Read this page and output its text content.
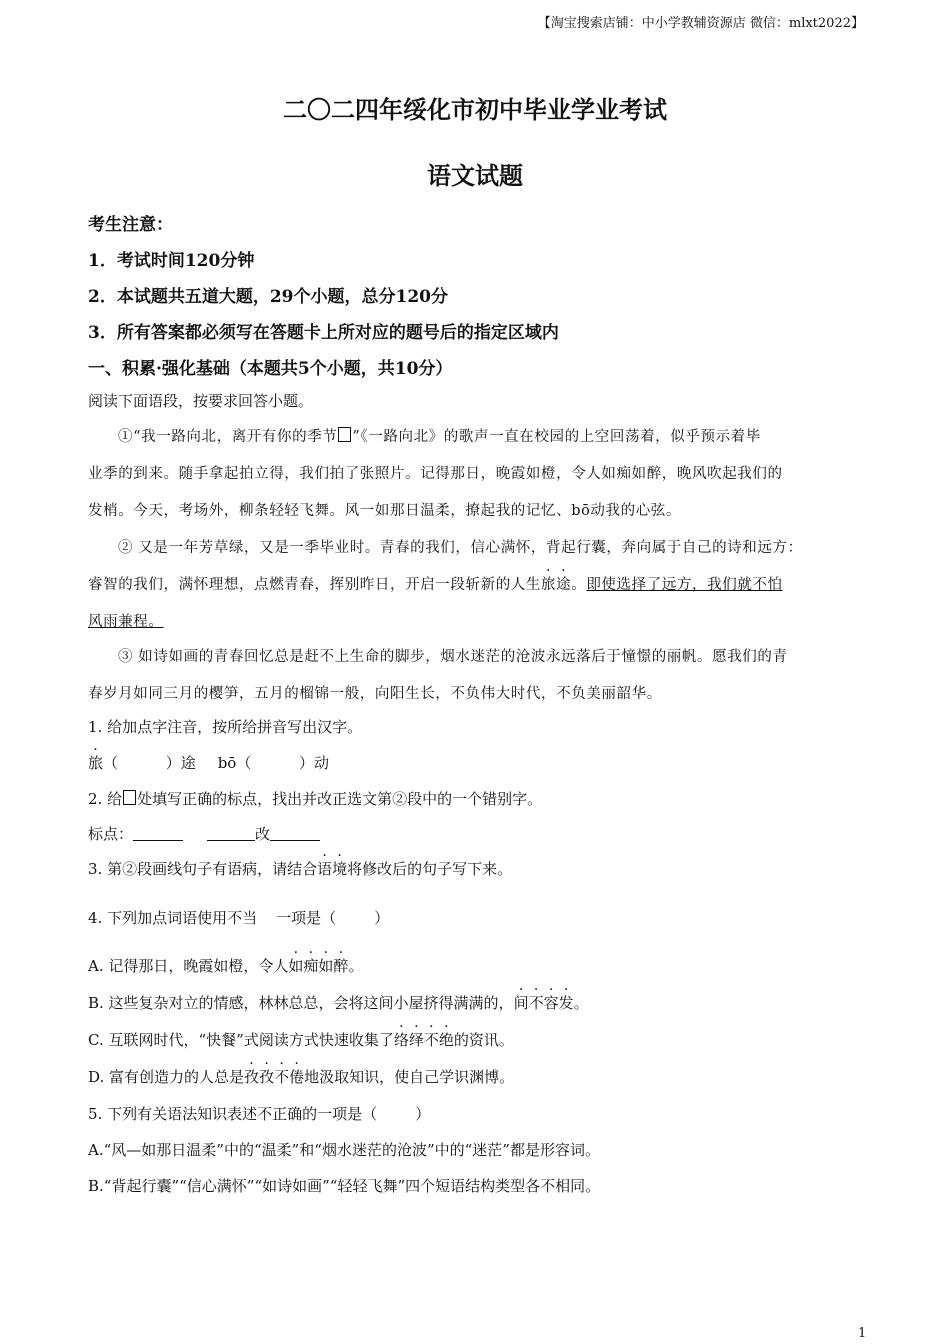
【淘宝搜索店铺：中小学教辅资源店 微信：mlxt2022】
二〇二四年绥化市初中毕业学业考试
语文试题
考生注意：
1．考试时间120分钟
2．本试题共五道大题，29个小题，总分120分
3．所有答案都必须写在答题卡上所对应的题号后的指定区域内
一、积累·强化基础（本题共5个小题，共10分）
阅读下面语段，按要求回答小题。
①“我一路向北，离开有你的季节 ”《一路向北》的歌声一直在校园的上空回荡着，似乎预示着毕
业季的到来。随手拿起拍立得，我们拍了张照片。记得那日，晚霞如橙，令人如痴如醉，晚风吹起我们的
发梢。今天，考场外，柳条轻轻飞舞。风一如那日温柔，撩起我的记忆、bō动我的心弦。
② 又是一年芳草绿，又是一季毕业时。青春的我们，信心满怀，背起行囊，奔向属于自己的诗和远方：
睿智的我们，满怀理想，点燃青春，挥别昨日，开启一段斩新的人生旅途。即使选择了远方，我们就不怕
风雨兼程。
③ 如诗如画的青春回忆总是赶不上生命的脚步，烟水迷茫的沧波永远落后于憧憬的丽帆。愿我们的青
春岁月如同三月的樱笋，五月的榴锦一般，向阳生长，不负伟大时代，不负美丽韶华。
1. 给加点字注音，按所给拼音写出汉字。
旅（          ）途 bō（          ）动
2. 给 处填写正确的标点，找出并改正选文第②段中的一个错别字。
标点：	改
3. 第②段画线句子有语病，请结合语境将修改后的句子写下来。
4. 下列加点词语使用不当    一项是（        ）
A. 记得那日，晚霞如橙，令人如痴如醉。
B. 这些复杂对立的情感，林林总总，会将这间小屋挤得满满的，间不容发。
C. 互联网时代，“快餐”式阅读方式快速收集了络绎不绝的资讯。
D. 富有创造力的人总是孜孜不倦地汲取知识，使自己学识渊博。
5. 下列有关语法知识表述不正确的一项是（        ）
A.“风—如那日温柔”中的“温柔”和“烟水迷茫的沧波”中的“迷茫”都是形容词。
B.“背起行囊”“信心满怀”“如诗如画”“轻轻飞舞”四个短语结构类型各不相同。
1
